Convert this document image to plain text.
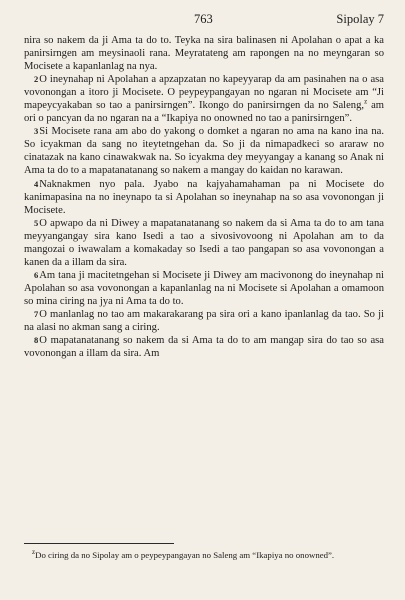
763	Sipolay 7

nira so nakem da ji Ama ta do to. Teyka na sira balinasen ni Apolahan o apat a ka panirsirngen am meysinaoli rana. Meyratateng am rapongen na no meyngaran so Mocisete a kapanlanlag na nya.

2O ineynahap ni Apolahan a apzapzatan no kapeyyarap da am pasinahen na o asa vovonongan a itoro ji Mocisete. O peypeypangayan no ngaran ni Mocisete am “Ji mapeycyakaban so tao a panirsirngen”. Ikongo do panirsirngen da no Saleng,$^z$ am ori o pancyan da no ngaran na a “Ikapiya no onowned no tao a panirsirngen”.

3Si Mocisete rana am abo do yakong o domket a ngaran no ama na kano ina na. So icyakman da sang no iteytetngehan da. So ji da nimapadkeci so araraw no cinatazak na kano cinawakwak na. So icyakma dey meyyangay a kanang so Anak ni Ama ta do to a mapatanatanang so nakem a mangay do kaidan no karawan.

4Naknakmen nyo pala. Jyabo na kajyahamahaman pa ni Mocisete do kanimapasina na no ineynapo ta si Apolahan so ineynahap na so asa vovonongan ji Mocisete.

5O apwapo da ni Diwey a mapatanatanang so nakem da si Ama ta do to am tana meyyangangay sira kano Isedi a tao a sivosivovoong ni Apolahan am to da mangozai o iwawalam a komakaday so Isedi a tao pangapan so asa vovonongan a kanen da a illam da sira.

6Am tana ji macitetngehan si Mocisete ji Diwey am macivonong do ineynahap ni Apolahan so asa vovonongan a kapanlanlag na ni Mocisete si Apolahan a omamoon so mina ciring na jya ni Ama ta do to.

7O manlanlag no tao am makarakarang pa sira ori a kano ipanlanlag da tao. So ji na alasi no akman sang a ciring.

8O mapatanatanang so nakem da si Ama ta do to am mangap sira do tao so asa vovonongan a illam da sira. Am

$^z$Do ciring da no Sipolay am o peypeypangayan no Saleng am “Ikapiya no onowned”.
